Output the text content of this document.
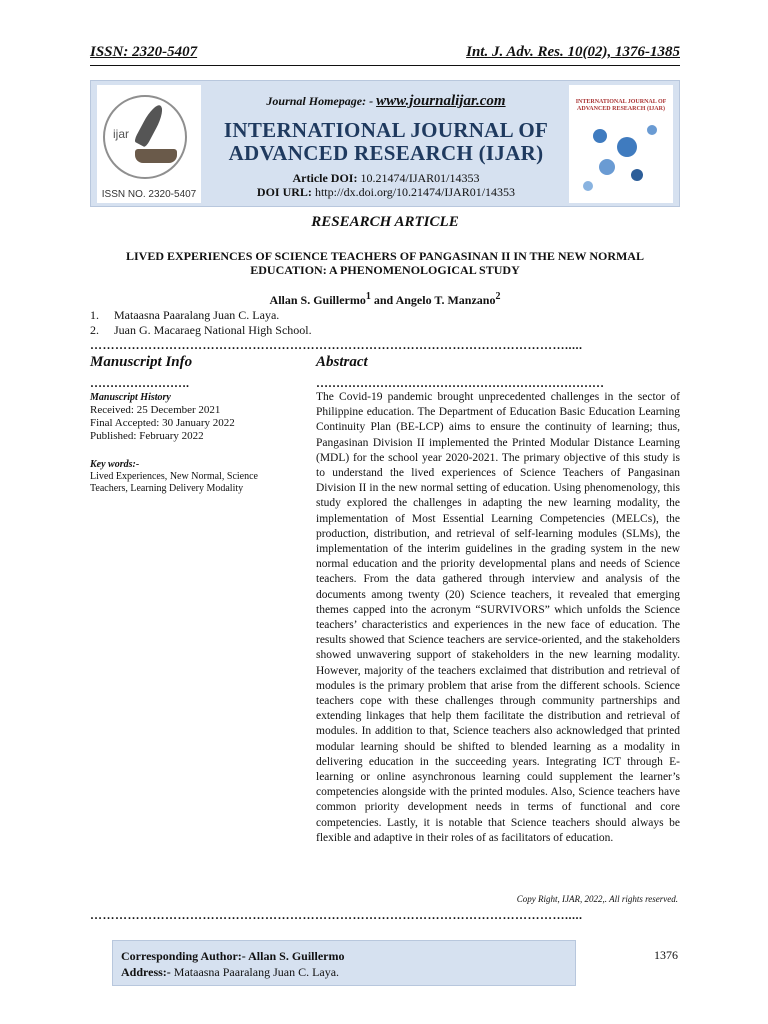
ISSN: 2320-5407	Int. J. Adv. Res. 10(02), 1376-1385
ijar
ISSN NO. 2320-5407
Journal Homepage: - www.journalijar.com
INTERNATIONAL JOURNAL OF
ADVANCED RESEARCH (IJAR)
Article DOI: 10.21474/IJAR01/14353
DOI URL: http://dx.doi.org/10.21474/IJAR01/14353
INTERNATIONAL JOURNAL OF ADVANCED RESEARCH (IJAR)
RESEARCH ARTICLE
LIVED EXPERIENCES OF SCIENCE TEACHERS OF PANGASINAN II IN THE NEW NORMAL
EDUCATION: A PHENOMENOLOGICAL STUDY
Allan S. Guillermo$^1$ and Angelo T. Manzano$^2$
1. Mataasna Paaralang Juan C. Laya.
2. Juan G. Macaraeg National High School.
…………………………………………………………………………………………………….....
Manuscript Info	Abstract
…………………….	………………………………………………………………
Manuscript History
Received: 25 December 2021
Final Accepted: 30 January 2022
Published: February 2022
Key words:-
Lived Experiences, New Normal, Science Teachers, Learning Delivery Modality
The Covid-19 pandemic brought unprecedented challenges in the sector of Philippine education. The Department of Education Basic Education Learning Continuity Plan (BE-LCP) aims to ensure the continuity of learning; thus, Pangasinan Division II implemented the Printed Modular Distance Learning (MDL) for the school year 2020-2021. The primary objective of this study is to understand the lived experiences of Science Teachers of Pangasinan Division II in the new normal setting of education. Using phenomenology, this study explored the challenges in adapting the new learning modality, the implementation of Most Essential Learning Competencies (MELCs), the production, distribution, and retrieval of self-learning modules (SLMs), the implementation of the interim guidelines in the grading system in the new normal education and the priority developmental plans and needs of Science teachers. From the data gathered through interview and analysis of the documents among twenty (20) Science teachers, it revealed that emerging themes capped into the acronym “SURVIVORS” which unfolds the Science teachers’ characteristics and experiences in the new face of education. The results showed that Science teachers are service-oriented, and the stakeholders showed unwavering support of stakeholders in the new learning modality. However, majority of the teachers exclaimed that distribution and retrieval of modules is the primary problem that arise from the different schools. Science teachers cope with these challenges through community partnerships and extending linkages that help them facilitate the distribution and retrieval of modules. In addition to that, Science teachers also acknowledged that printed modular learning should be shifted to blended learning as a modality in delivering education in the succeeding years. Integrating ICT through E-learning or online asynchronous learning could supplement the learner’s competencies alongside with the printed modules. Also, Science teachers have common priority development needs in terms of functional and core competencies. Lastly, it is notable that Science teachers should always be flexible and adaptive in their roles of as facilitators of education.
Copy Right, IJAR, 2022,. All rights reserved.
…………………………………………………………………………………………………….....
Corresponding Author:- Allan S. Guillermo
Address:- Mataasna Paaralang Juan C. Laya.
1376
